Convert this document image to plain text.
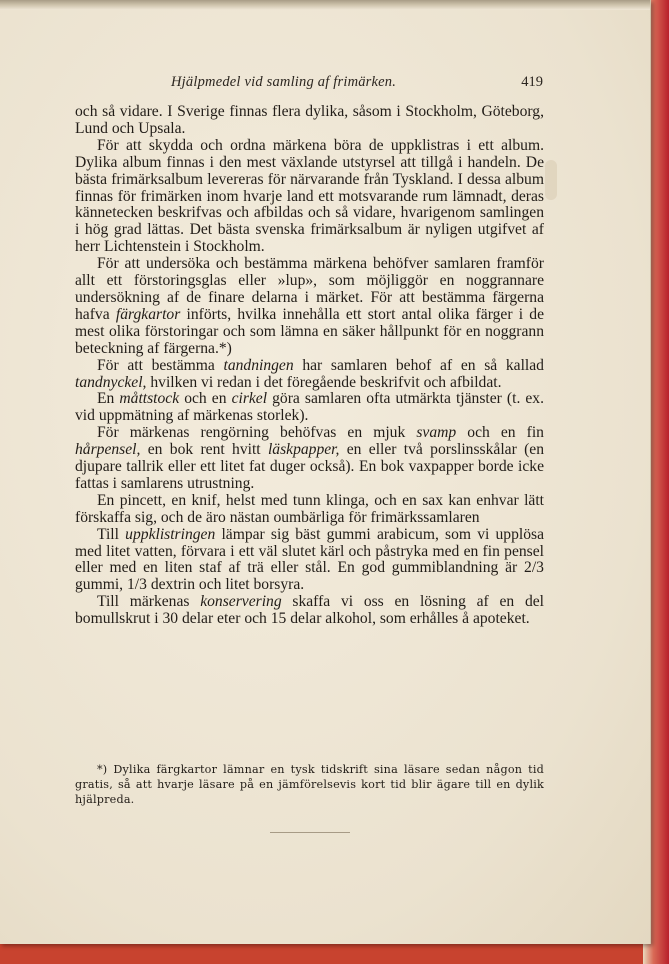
Hjälpmedel vid samling af frimärken.	419

och så vidare. I Sverige finnas flera dylika, såsom i Stockholm, Göteborg, Lund och Upsala.

För att skydda och ordna märkena böra de uppklistras i ett album. Dylika album finnas i den mest växlande utstyrsel att tillgå i handeln. De bästa frimärksalbum levereras för närvarande från Tyskland. I dessa album finnas för frimärken inom hvarje land ett motsvarande rum lämnadt, deras kännetecken beskrifvas och afbildas och så vidare, hvarigenom samlingen i hög grad lättas. Det bästa svenska frimärksalbum är nyligen utgifvet af herr Lichtenstein i Stockholm.

För att undersöka och bestämma märkena behöfver samlaren framför allt ett förstoringsglas eller »lup», som möjliggör en noggrannare undersökning af de finare delarna i märket. För att bestämma färgerna hafva färgkartor införts, hvilka innehålla ett stort antal olika färger i de mest olika förstoringar och som lämna en säker hållpunkt för en noggrann beteckning af färgerna.*)

För att bestämma tandningen har samlaren behof af en så kallad tandnyckel, hvilken vi redan i det föregående beskrifvit och afbildat.

En måttstock och en cirkel göra samlaren ofta utmärkta tjänster (t. ex. vid uppmätning af märkenas storlek).

För märkenas rengörning behöfvas en mjuk svamp och en fin hårpensel, en bok rent hvitt läskpapper, en eller två porslinsskålar (en djupare tallrik eller ett litet fat duger också). En bok vaxpapper borde icke fattas i samlarens utrustning.

En pincett, en knif, helst med tunn klinga, och en sax kan enhvar lätt förskaffa sig, och de äro nästan oumbärliga för frimärkssamlaren

Till uppklistringen lämpar sig bäst gummi arabicum, som vi upplösa med litet vatten, förvara i ett väl slutet kärl och påstryka med en fin pensel eller med en liten staf af trä eller stål. En god gummiblandning är 2/3 gummi, 1/3 dextrin och litet borsyra.

Till märkenas konservering skaffa vi oss en lösning af en del bomullskrut i 30 delar eter och 15 delar alkohol, som erhålles å apoteket.

*) Dylika färgkartor lämnar en tysk tidskrift sina läsare sedan någon tid gratis, så att hvarje läsare på en jämförelsevis kort tid blir ägare till en dylik hjälpreda.
